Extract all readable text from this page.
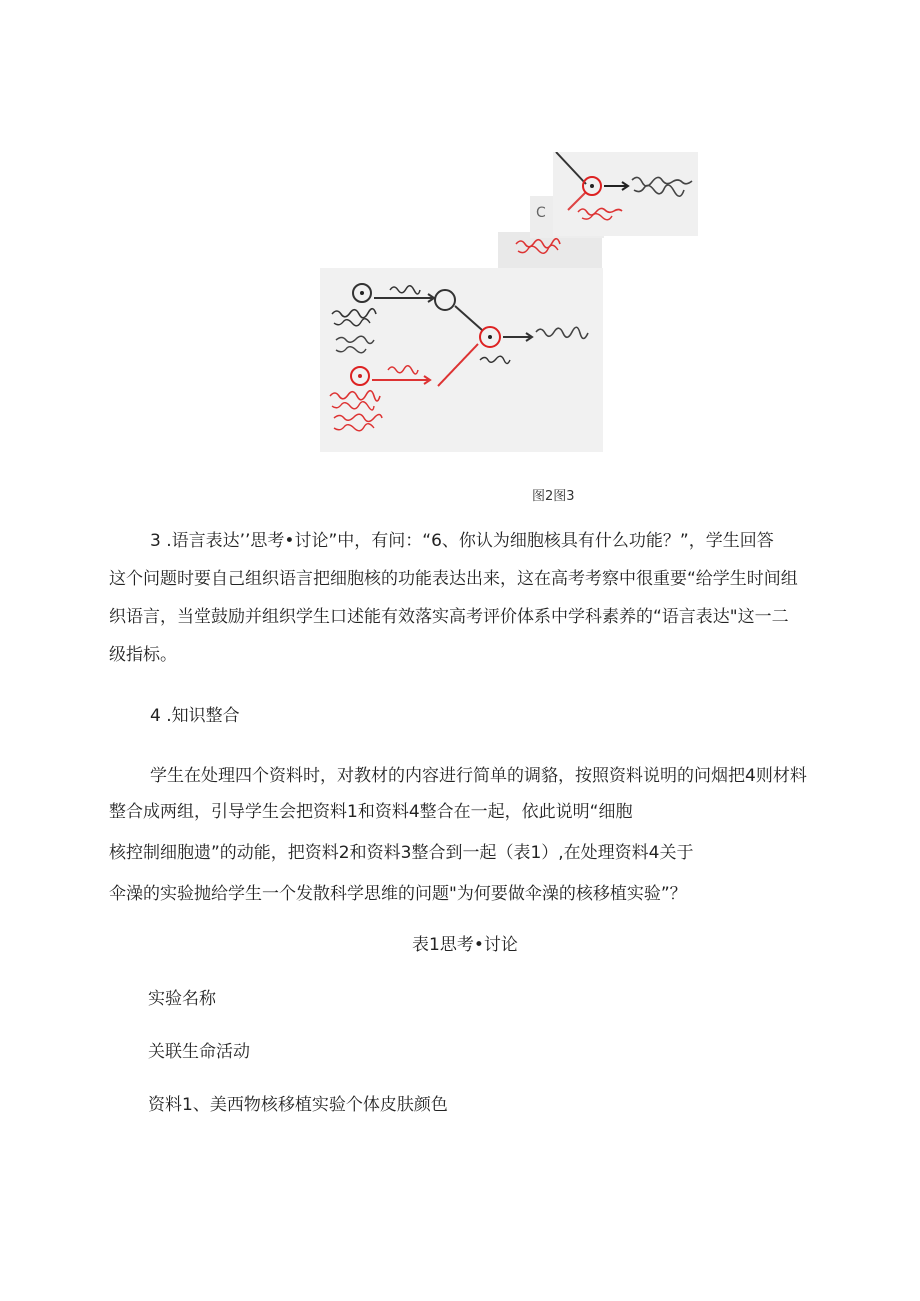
C
图2图3
3 .语言表达’’思考•讨论”中，有问：“6、你认为细胞核具有什么功能？”，学生回答
这个问题时要自己组织语言把细胞核的功能表达出来，这在高考考察中很重要“给学生时间组
织语言，当堂鼓励并组织学生口述能有效落实高考评价体系中学科素养的“语言表达"这一二
级指标。
4 .知识整合
学生在处理四个资料时，对教材的内容进行简单的调貉，按照资料说明的问烟把4则材料
整合成两组，引导学生会把资料1和资料4整合在一起，依此说明“细胞
核控制细胞遗”的动能，把资料2和资料3整合到一起（表1）,在处理资料4关于
伞澡的实验抛给学生一个发散科学思维的问题"为何要做伞澡的核移植实验”？
表1思考•讨论
实验名称
关联生命活动
资料1、美西物核移植实验个体皮肤颜色
